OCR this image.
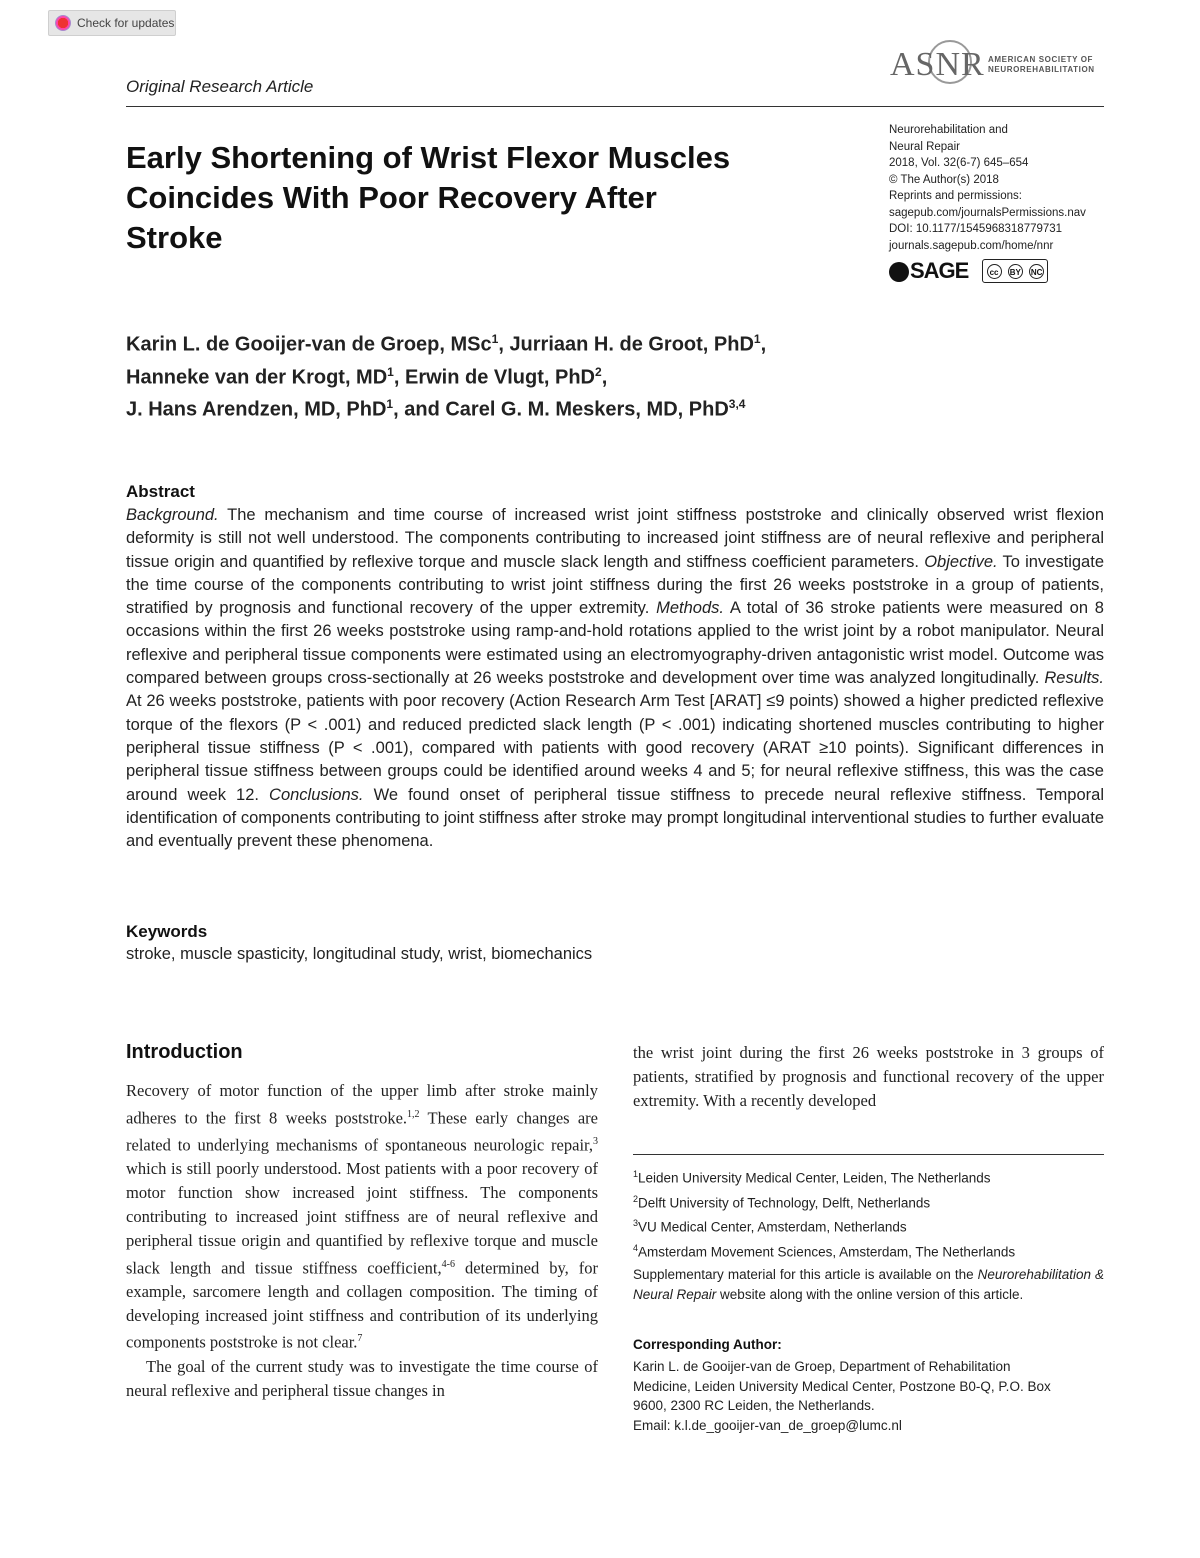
Check for updates
ASNR AMERICAN SOCIETY OF
NEUROREHABILITATION
Original Research Article
Early Shortening of Wrist Flexor Muscles Coincides With Poor Recovery After Stroke
Neurorehabilitation and
Neural Repair
2018, Vol. 32(6-7) 645–654
© The Author(s) 2018
Reprints and permissions:
sagepub.com/journalsPermissions.nav
DOI: 10.1177/1545968318779731
journals.sagepub.com/home/nnr
SAGE	cc	BY NC
Karin L. de Gooijer-van de Groep, MSc$^1$, Jurriaan H. de Groot, PhD$^1$,
Hanneke van der Krogt, $MD^1$, Erwin de Vlugt, PhD$^2$,
J. Hans Arendzen, MD, PhD$^1$, and Carel G. M. Meskers, MD, PhD$^{3,4}$
Abstract
Background. The mechanism and time course of increased wrist joint stiffness poststroke and clinically observed wrist flexion deformity is still not well understood. The components contributing to increased joint stiffness are of neural reflexive and peripheral tissue origin and quantified by reflexive torque and muscle slack length and stiffness coefficient parameters. Objective. To investigate the time course of the components contributing to wrist joint stiffness during the first 26 weeks poststroke in a group of patients, stratified by prognosis and functional recovery of the upper extremity. Methods. A total of 36 stroke patients were measured on 8 occasions within the first 26 weeks poststroke using ramp-and-hold rotations applied to the wrist joint by a robot manipulator. Neural reflexive and peripheral tissue components were estimated using an electromyography-driven antagonistic wrist model. Outcome was compared between groups cross-sectionally at 26 weeks poststroke and development over time was analyzed longitudinally. Results. At 26 weeks poststroke, patients with poor recovery (Action Research Arm Test [ARAT] ≤9 points) showed a higher predicted reflexive torque of the flexors (P < .001) and reduced predicted slack length (P < .001) indicating shortened muscles contributing to higher peripheral tissue stiffness (P < .001), compared with patients with good recovery (ARAT ≥10 points). Significant differences in peripheral tissue stiffness between groups could be identified around weeks 4 and 5; for neural reflexive stiffness, this was the case around week 12. Conclusions. We found onset of peripheral tissue stiffness to precede neural reflexive stiffness. Temporal identification of components contributing to joint stiffness after stroke may prompt longitudinal interventional studies to further evaluate and eventually prevent these phenomena.
Keywords
stroke, muscle spasticity, longitudinal study, wrist, biomechanics
Introduction

Recovery of motor function of the upper limb after stroke mainly adheres to the first 8 weeks poststroke.$^{1,2}$ These early changes are related to underlying mechanisms of spontaneous neurologic repair,$^3$ which is still poorly understood. Most patients with a poor recovery of motor function show increased joint stiffness. The components contributing to increased joint stiffness are of neural reflexive and peripheral tissue origin and quantified by reflexive torque and muscle slack length and tissue stiffness coefficient,$^{4-6}$ determined by, for example, sarcomere length and collagen composition. The timing of developing increased joint stiffness and contribution of its underlying components poststroke is not clear.$^7$

The goal of the current study was to investigate the time course of neural reflexive and peripheral tissue changes in

the wrist joint during the first 26 weeks poststroke in 3 groups of patients, stratified by prognosis and functional recovery of the upper extremity. With a recently developed
$^1$Leiden University Medical Center, Leiden, The Netherlands
$^2$Delft University of Technology, Delft, Netherlands
$^3$VU Medical Center, Amsterdam, Netherlands
$^4$Amsterdam Movement Sciences, Amsterdam, The Netherlands
Supplementary material for this article is available on the Neurorehabilitation & Neural Repair website along with the online version of this article.
Corresponding Author:
Karin L. de Gooijer-van de Groep, Department of Rehabilitation
Medicine, Leiden University Medical Center, Postzone B0-Q, P.O. Box
9600, 2300 RC Leiden, the Netherlands.
Email: k.l.de_gooijer-van_de_groep@lumc.nl
